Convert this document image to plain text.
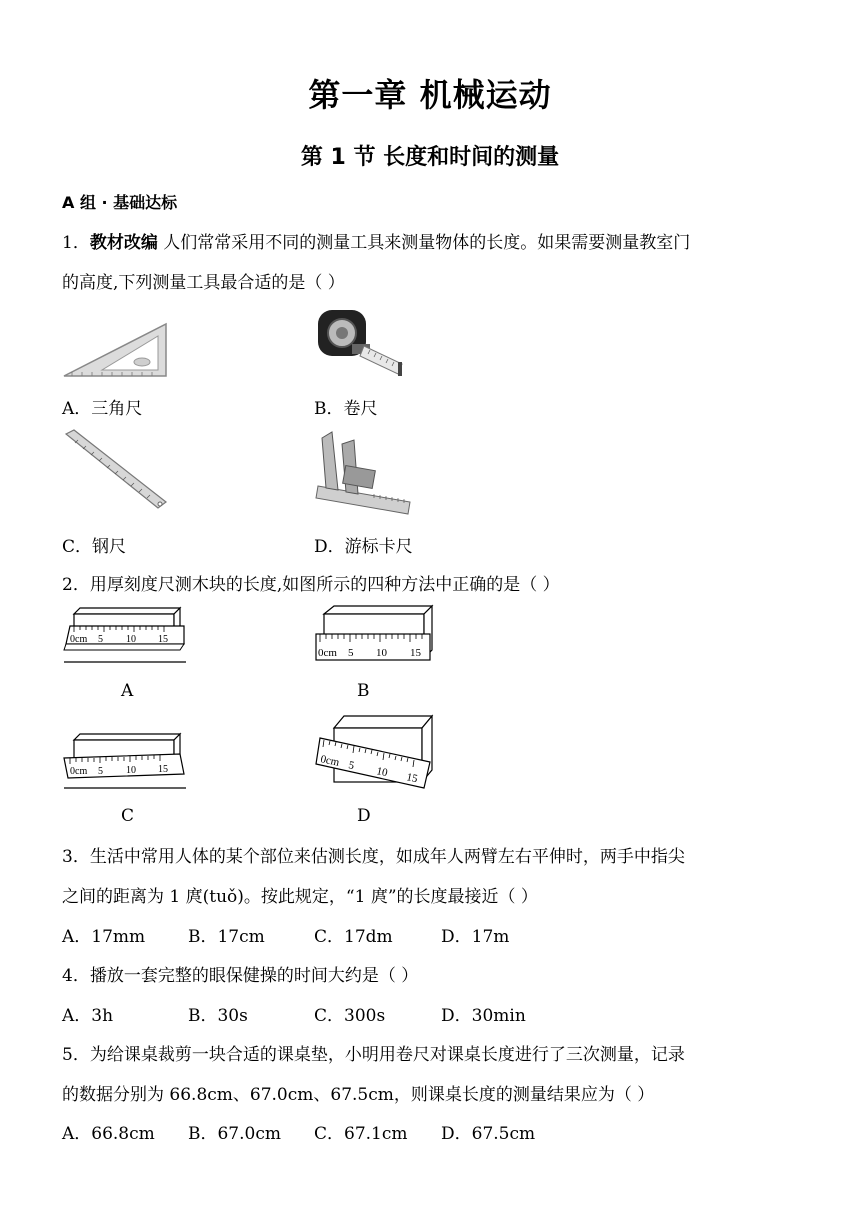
第一章 机械运动
第 1 节 长度和时间的测量
A 组 · 基础达标
1．教材改编 人们常常采用不同的测量工具来测量物体的长度。如果需要测量教室门
的高度,下列测量工具最合适的是（ ）
A．三角尺	B．卷尺
C．钢尺	D．游标卡尺
2．用厚刻度尺测木块的长度,如图所示的四种方法中正确的是（ ）
0cm 5 10 15
A
0cm 5 10 15
B
0cm 5 10 15
C
0cm 5 10 15
D
3．生活中常用人体的某个部位来估测长度，如成年人两臂左右平伸时，两手中指尖
之间的距离为 1 庹(tuǒ)。按此规定，“1 庹”的长度最接近（ ）
A．17mm	B．17cm	C．17dm	D．17m
4．播放一套完整的眼保健操的时间大约是（ ）
A．3h	B．30s	C．300s	D．30min
5．为给课桌裁剪一块合适的课桌垫，小明用卷尺对课桌长度进行了三次测量，记录
的数据分别为 66.8cm、67.0cm、67.5cm，则课桌长度的测量结果应为（ ）
A．66.8cm B．67.0cm C．67.1cm D．67.5cm
